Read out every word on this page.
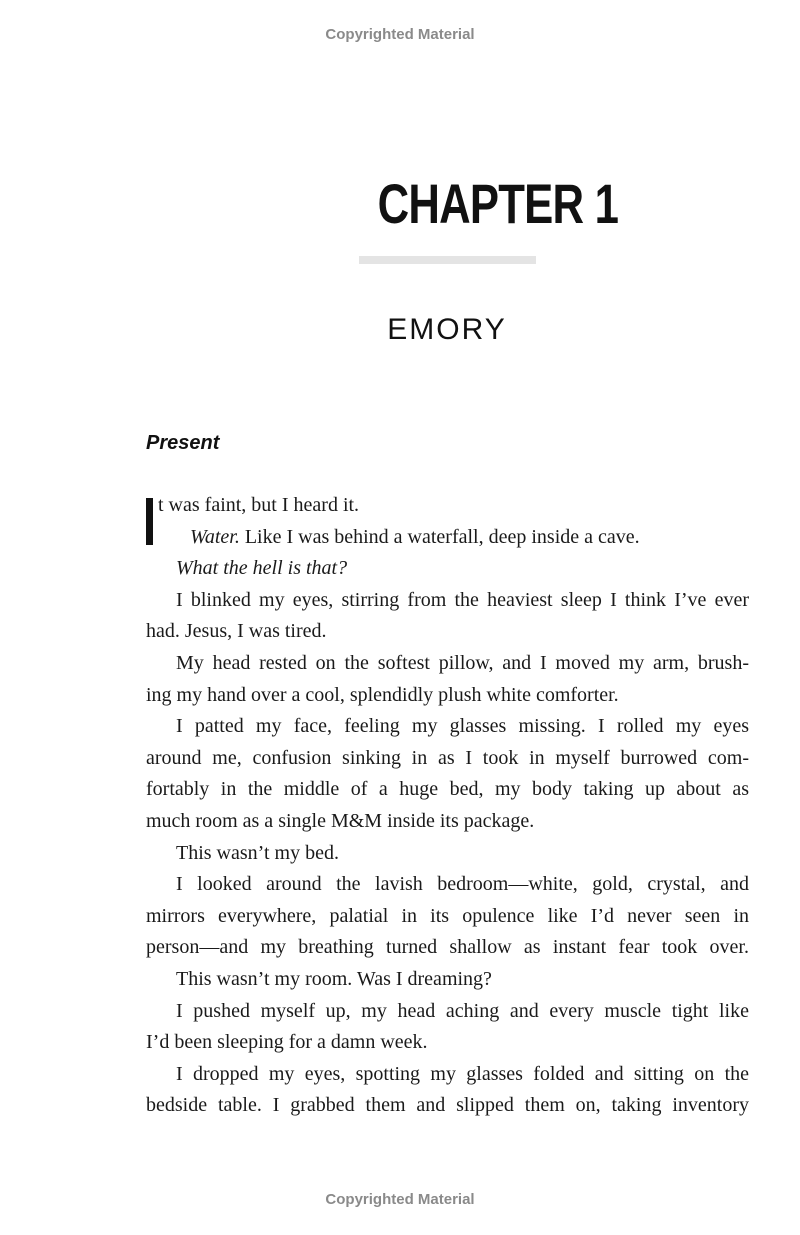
Copyrighted Material
CHAPTER 1
EMORY
Present
t was faint, but I heard it.
Water. Like I was behind a waterfall, deep inside a cave.
What the hell is that?
I blinked my eyes, stirring from the heaviest sleep I think I’ve ever
had. Jesus, I was tired.
My head rested on the softest pillow, and I moved my arm, brush-
ing my hand over a cool, splendidly plush white comforter.
I patted my face, feeling my glasses missing. I rolled my eyes
around me, confusion sinking in as I took in myself burrowed com-
fortably in the middle of a huge bed, my body taking up about as
much room as a single M&M inside its package.
This wasn’t my bed.
I looked around the lavish bedroom—white, gold, crystal, and
mirrors everywhere, palatial in its opulence like I’d never seen in
person—and my breathing turned shallow as instant fear took over.
This wasn’t my room. Was I dreaming?
I pushed myself up, my head aching and every muscle tight like
I’d been sleeping for a damn week.
I dropped my eyes, spotting my glasses folded and sitting on the
bedside table. I grabbed them and slipped them on, taking inventory
Copyrighted Material
